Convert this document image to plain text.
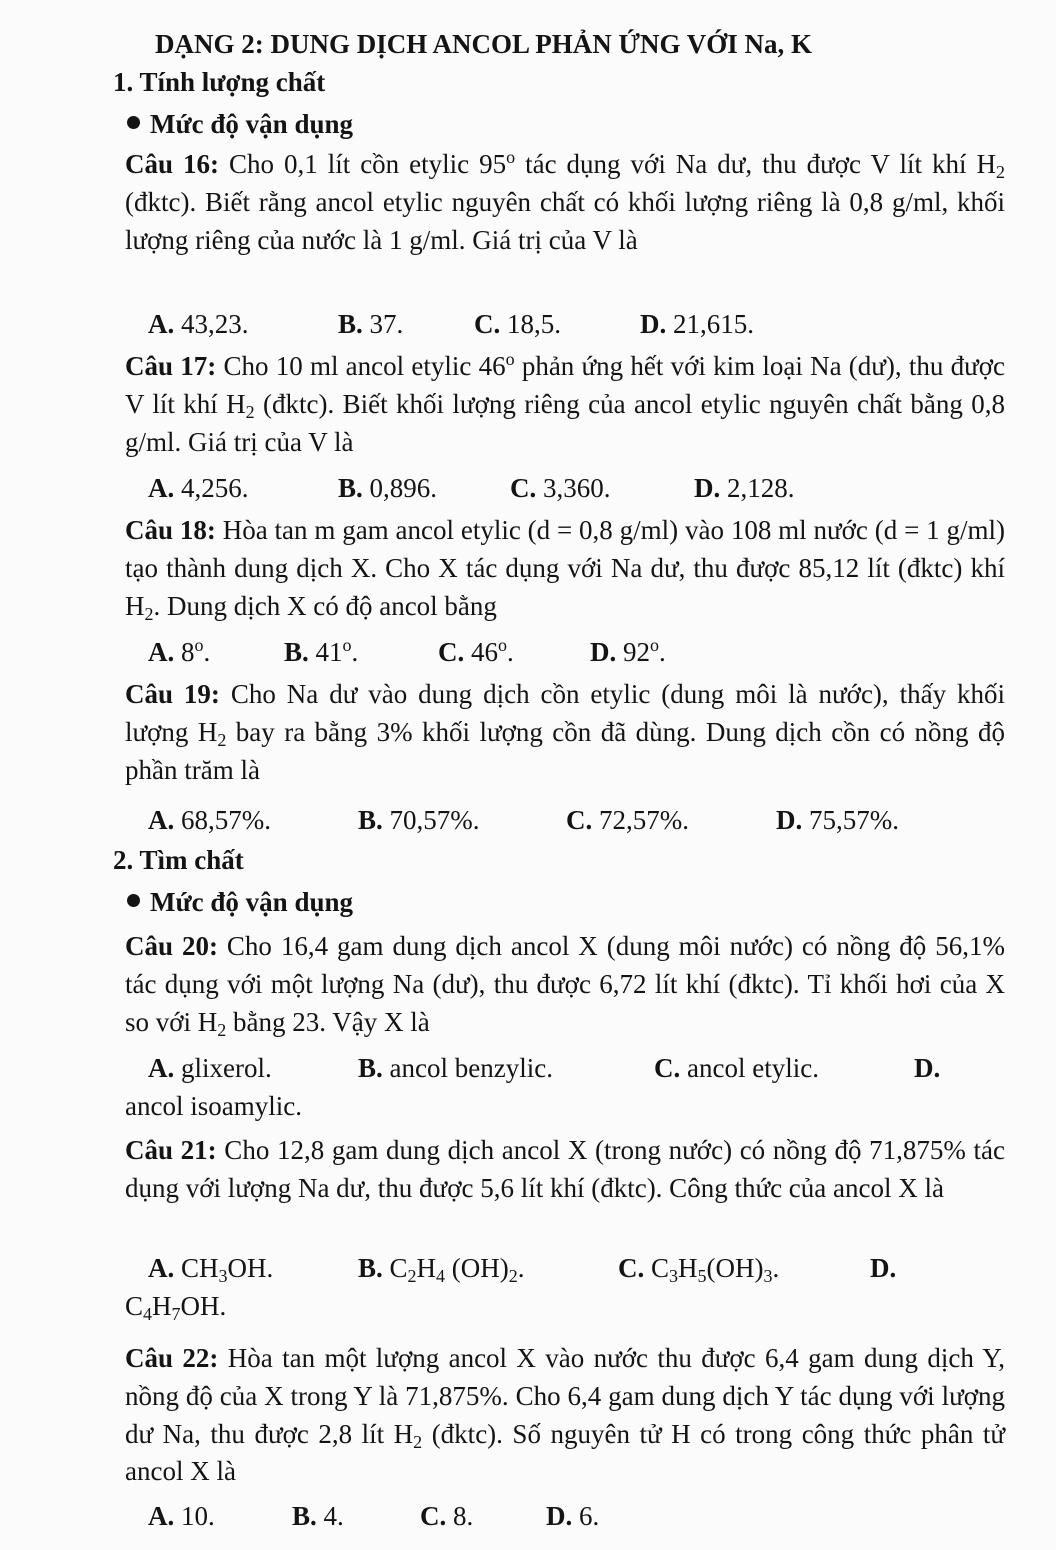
DẠNG 2: DUNG DỊCH ANCOL PHẢN ỨNG VỚI Na, K
1. Tính lượng chất
Mức độ vận dụng
Câu 16: Cho 0,1 lít cồn etylic 95$^o$ tác dụng với Na dư, thu được V lít khí $H_2$ (đktc). Biết rằng ancol etylic nguyên chất có khối lượng riêng là 0,8 g/ml, khối lượng riêng của nước là 1 g/ml. Giá trị của V là
A. 43,23.	B. 37.	C. 18,5.	D. 21,615.
Câu 17: Cho 10 ml ancol etylic 46$^o$ phản ứng hết với kim loại Na (dư), thu được V lít khí $H_2$ (đktc). Biết khối lượng riêng của ancol etylic nguyên chất bằng 0,8 g/ml. Giá trị của V là
A. 4,256.	B. 0,896.	C. 3,360.	D. 2,128.
Câu 18: Hòa tan m gam ancol etylic (d = 0,8 g/ml) vào 108 ml nước (d = 1 g/ml) tạo thành dung dịch X. Cho X tác dụng với Na dư, thu được 85,12 lít (đktc) khí $H_2$. Dung dịch X có độ ancol bằng
A. 8$^o$.	B. 41$^o$.	C. 46$^o$.	D. 92$^o$.
Câu 19: Cho Na dư vào dung dịch cồn etylic (dung môi là nước), thấy khối lượng $H_2$ bay ra bằng 3% khối lượng cồn đã dùng. Dung dịch cồn có nồng độ phần trăm là
A. 68,57%.	B. 70,57%.	C. 72,57%.	D. 75,57%.
2. Tìm chất
Mức độ vận dụng
Câu 20: Cho 16,4 gam dung dịch ancol X (dung môi nước) có nồng độ 56,1% tác dụng với một lượng Na (dư), thu được 6,72 lít khí (đktc). Tỉ khối hơi của X so với $H_2$ bằng 23. Vậy X là
A. glixerol.	B. ancol benzylic.	C. ancol etylic.	D.
ancol isoamylic.
Câu 21: Cho 12,8 gam dung dịch ancol X (trong nước) có nồng độ 71,875% tác dụng với lượng Na dư, thu được 5,6 lít khí (đktc). Công thức của ancol X là
A. $CH_3OH$.	B. $C_2H_4$ $(OH)_2$.	C. $C_3H_5(OH)_3$.	D.
$C_4H_7OH$.
Câu 22: Hòa tan một lượng ancol X vào nước thu được 6,4 gam dung dịch Y, nồng độ của X trong Y là 71,875%. Cho 6,4 gam dung dịch Y tác dụng với lượng dư Na, thu được 2,8 lít $H_2$ (đktc). Số nguyên tử H có trong công thức phân tử ancol X là
A. 10.	B. 4.	C. 8.	D. 6.
